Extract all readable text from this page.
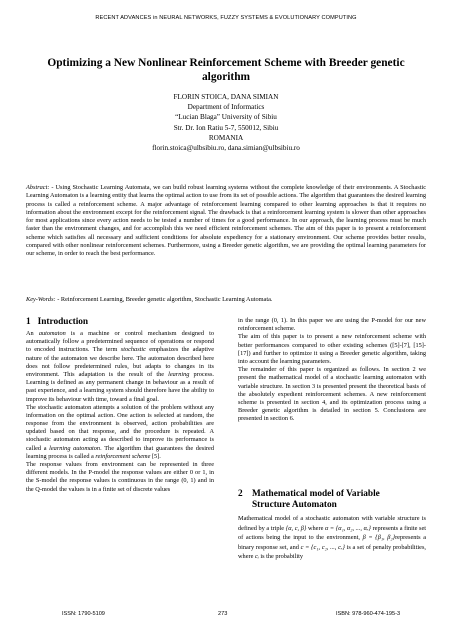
RECENT ADVANCES in NEURAL NETWORKS, FUZZY SYSTEMS & EVOLUTIONARY COMPUTING
Optimizing a New Nonlinear Reinforcement Scheme with Breeder genetic algorithm
FLORIN STOICA, DANA SIMIAN
Department of Informatics
“Lucian Blaga” University of Sibiu
Str. Dr. Ion Ratiu 5-7, 550012, Sibiu
ROMANIA
florin.stoica@ulbsibiu.ro, dana.simian@ulbsibiu.ro
Abstract: - Using Stochastic Learning Automata, we can build robust learning systems without the complete knowledge of their environments. A Stochastic Learning Automaton is a learning entity that learns the optimal action to use from its set of possible actions. The algorithm that guarantees the desired learning process is called a reinforcement scheme. A major advantage of reinforcement learning compared to other learning approaches is that it requires no information about the environment except for the reinforcement signal. The drawback is that a reinforcement learning system is slower than other approaches for most applications since every action needs to be tested a number of times for a good performance. In our approach, the learning process must be much faster than the environment changes, and for accomplish this we need efficient reinforcement schemes. The aim of this paper is to present a reinforcement scheme which satisfies all necessary and sufficient conditions for absolute expediency for a stationary environment. Our scheme provides better results, compared with other nonlinear reinforcement schemes. Furthermore, using a Breeder genetic algorithm, we are providing the optimal learning parameters for our scheme, in order to reach the best performance.
Key-Words: - Reinforcement Learning, Breeder genetic algorithm, Stochastic Learning Automata.
1 Introduction

An automaton is a machine or control mechanism designed to automatically follow a predetermined sequence of operations or respond to encoded instructions. The term stochastic emphasizes the adaptive nature of the automaton we describe here. The automaton described here does not follow predetermined rules, but adapts to changes in its environment. This adaptation is the result of the learning process. Learning is defined as any permanent change in behaviour as a result of past experience, and a learning system should therefore have the ability to improve its behaviour with time, toward a final goal.

The stochastic automaton attempts a solution of the problem without any information on the optimal action. One action is selected at random, the response from the environment is observed, action probabilities are updated based on that response, and the procedure is repeated. A stochastic automaton acting as described to improve its performance is called a learning automaton. The algorithm that guarantees the desired learning process is called a reinforcement scheme [5].

The response values from environment can be represented in three different models. In the P-model the response values are either 0 or 1, in the S-model the response values is continuous in the range (0, 1) and in the Q-model the values is in a finite set of discrete values

in the range (0, 1). In this paper we are using the P-model for our new reinforcement scheme.

The aim of this paper is to present a new reinforcement scheme with better performances compared to other existing schemes ([5]-[7], [15]-[17]) and further to optimize it using a Breeder genetic algorithm, taking into account the learning parameters.

The remainder of this paper is organized as follows. In section 2 we present the mathematical model of a stochastic learning automaton with variable structure. In section 3 is presented present the theoretical basis of the absolutely expedient reinforcement schemes. A new reinforcement scheme is presented in section 4, and its optimization process using a Breeder genetic algorithm is detailed in section 5. Conclusions are presented in section 6.

2 Mathematical model of Variable
Structure Automaton
Mathematical model of a stochastic automaton with variable structure is defined by a triple {α, c, β} where α = {α₁, α₂, ..., αᵣ} represents a finite set of actions being the input to the environment, β = {β₁, β₂}represents a binary response set, and c = {c₁, c₂, ..., cᵣ} is a set of penalty probabilities, where cᵢ is the probability
ISSN: 1790-5109	273	ISBN: 978-960-474-195-3
